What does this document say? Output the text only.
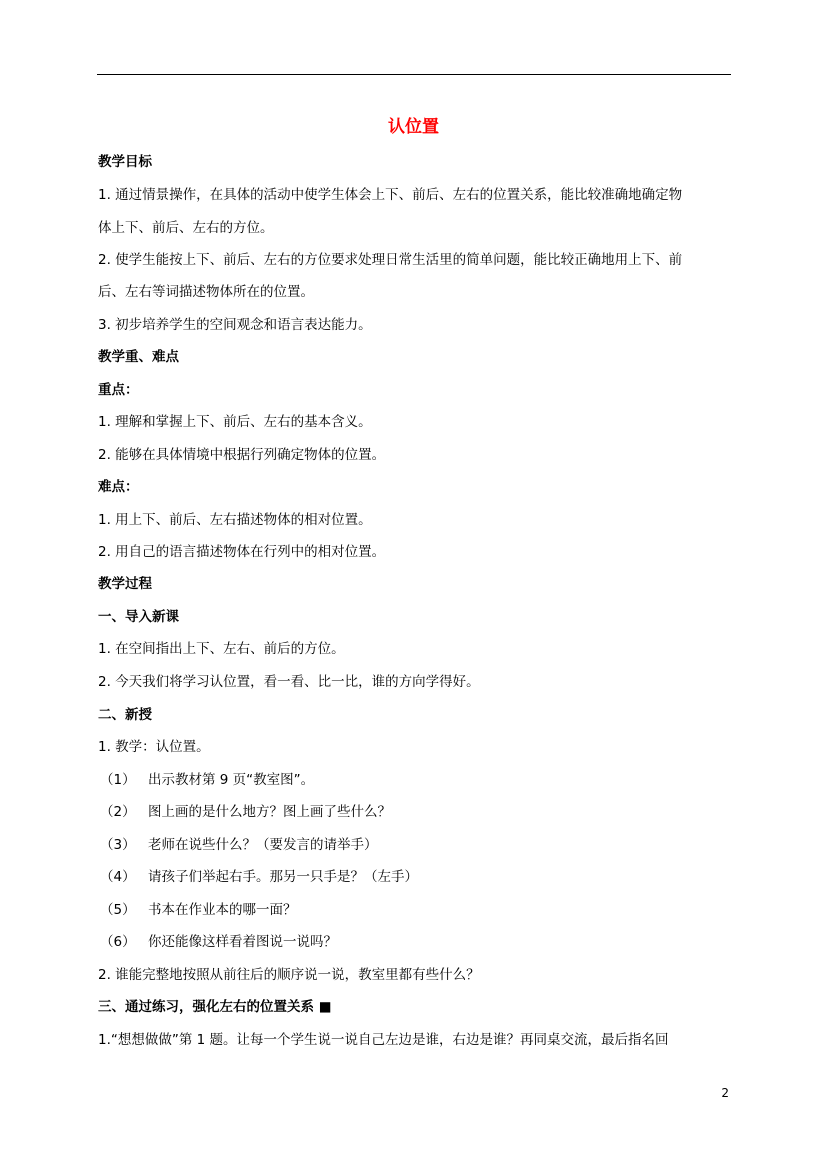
认位置
教学目标
1. 通过情景操作，在具体的活动中使学生体会上下、前后、左右的位置关系，能比较准确地确定物
体上下、前后、左右的方位。
2. 使学生能按上下、前后、左右的方位要求处理日常生活里的简单问题，能比较正确地用上下、前
后、左右等词描述物体所在的位置。
3. 初步培养学生的空间观念和语言表达能力。
教学重、难点
重点：
1. 理解和掌握上下、前后、左右的基本含义。
2. 能够在具体情境中根据行列确定物体的位置。
难点：
1. 用上下、前后、左右描述物体的相对位置。
2. 用自己的语言描述物体在行列中的相对位置。
教学过程
一、导入新课
1. 在空间指出上下、左右、前后的方位。
2. 今天我们将学习认位置，看一看、比一比，谁的方向学得好。
二、新授
1. 教学：认位置。
（1） 出示教材第 9 页“教室图”。
（2） 图上画的是什么地方？图上画了些什么？
（3） 老师在说些什么？（要发言的请举手）
（4） 请孩子们举起右手。那另一只手是？（左手）
（5） 书本在作业本的哪一面？
（6） 你还能像这样看着图说一说吗？
2. 谁能完整地按照从前往后的顺序说一说，教室里都有些什么？
三、通过练习，强化左右的位置关系 ■
1.“想想做做”第 1 题。让每一个学生说一说自己左边是谁，右边是谁？再同桌交流，最后指名回
2
